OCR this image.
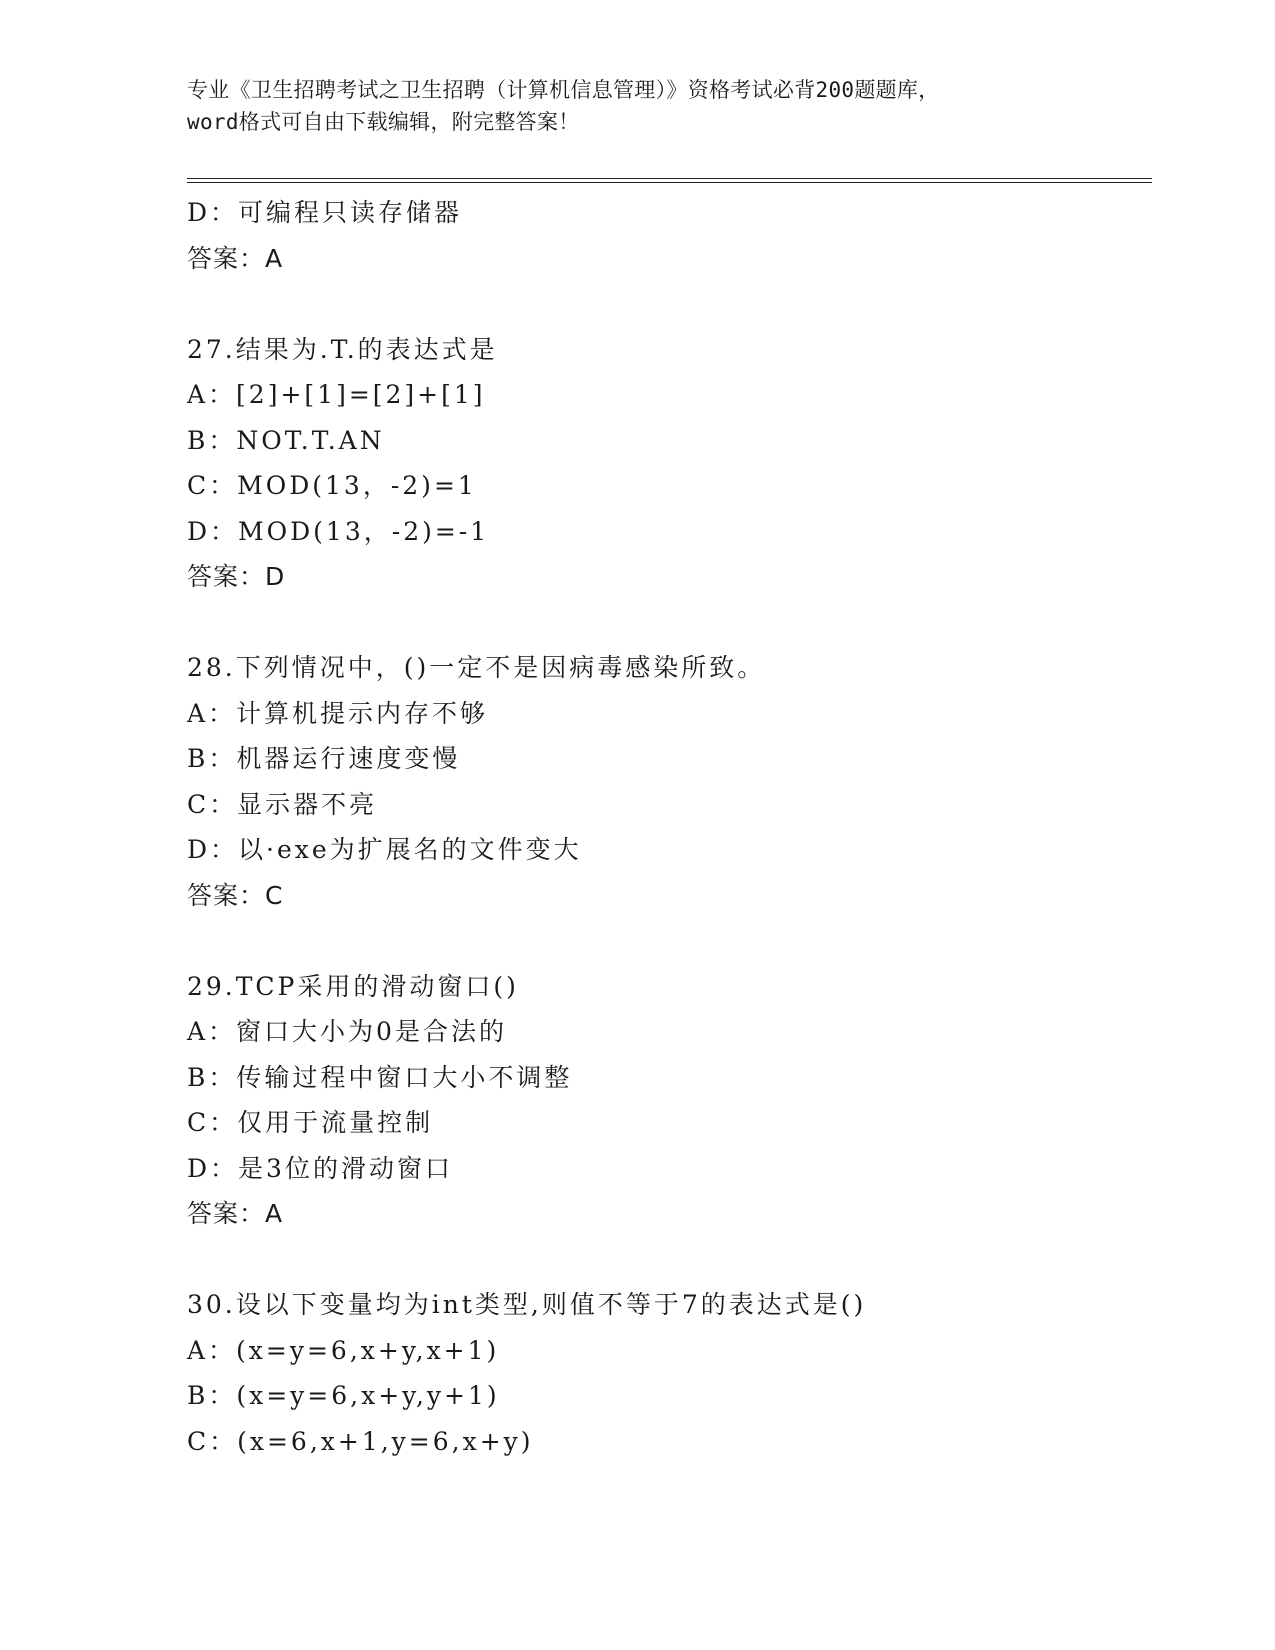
专业《卫生招聘考试之卫生招聘（计算机信息管理）》资格考试必背200题题库，
word格式可自由下载编辑，附完整答案！
D：可编程只读存储器
答案：A
27.结果为.T.的表达式是
A：[2]+[1]=[2]+[1]
B：NOT.T.AN
C：MOD(13，-2)=1
D：MOD(13，-2)=-1
答案：D
28.下列情况中，()一定不是因病毒感染所致。
A：计算机提示内存不够
B：机器运行速度变慢
C：显示器不亮
D：以·exe为扩展名的文件变大
答案：C
29.TCP采用的滑动窗口()
A：窗口大小为0是合法的
B：传输过程中窗口大小不调整
C：仅用于流量控制
D：是3位的滑动窗口
答案：A
30.设以下变量均为int类型,则值不等于7的表达式是()
A：(x=y=6,x+y,x+1)
B：(x=y=6,x+y,y+1)
C：(x=6,x+1,y=6,x+y)
